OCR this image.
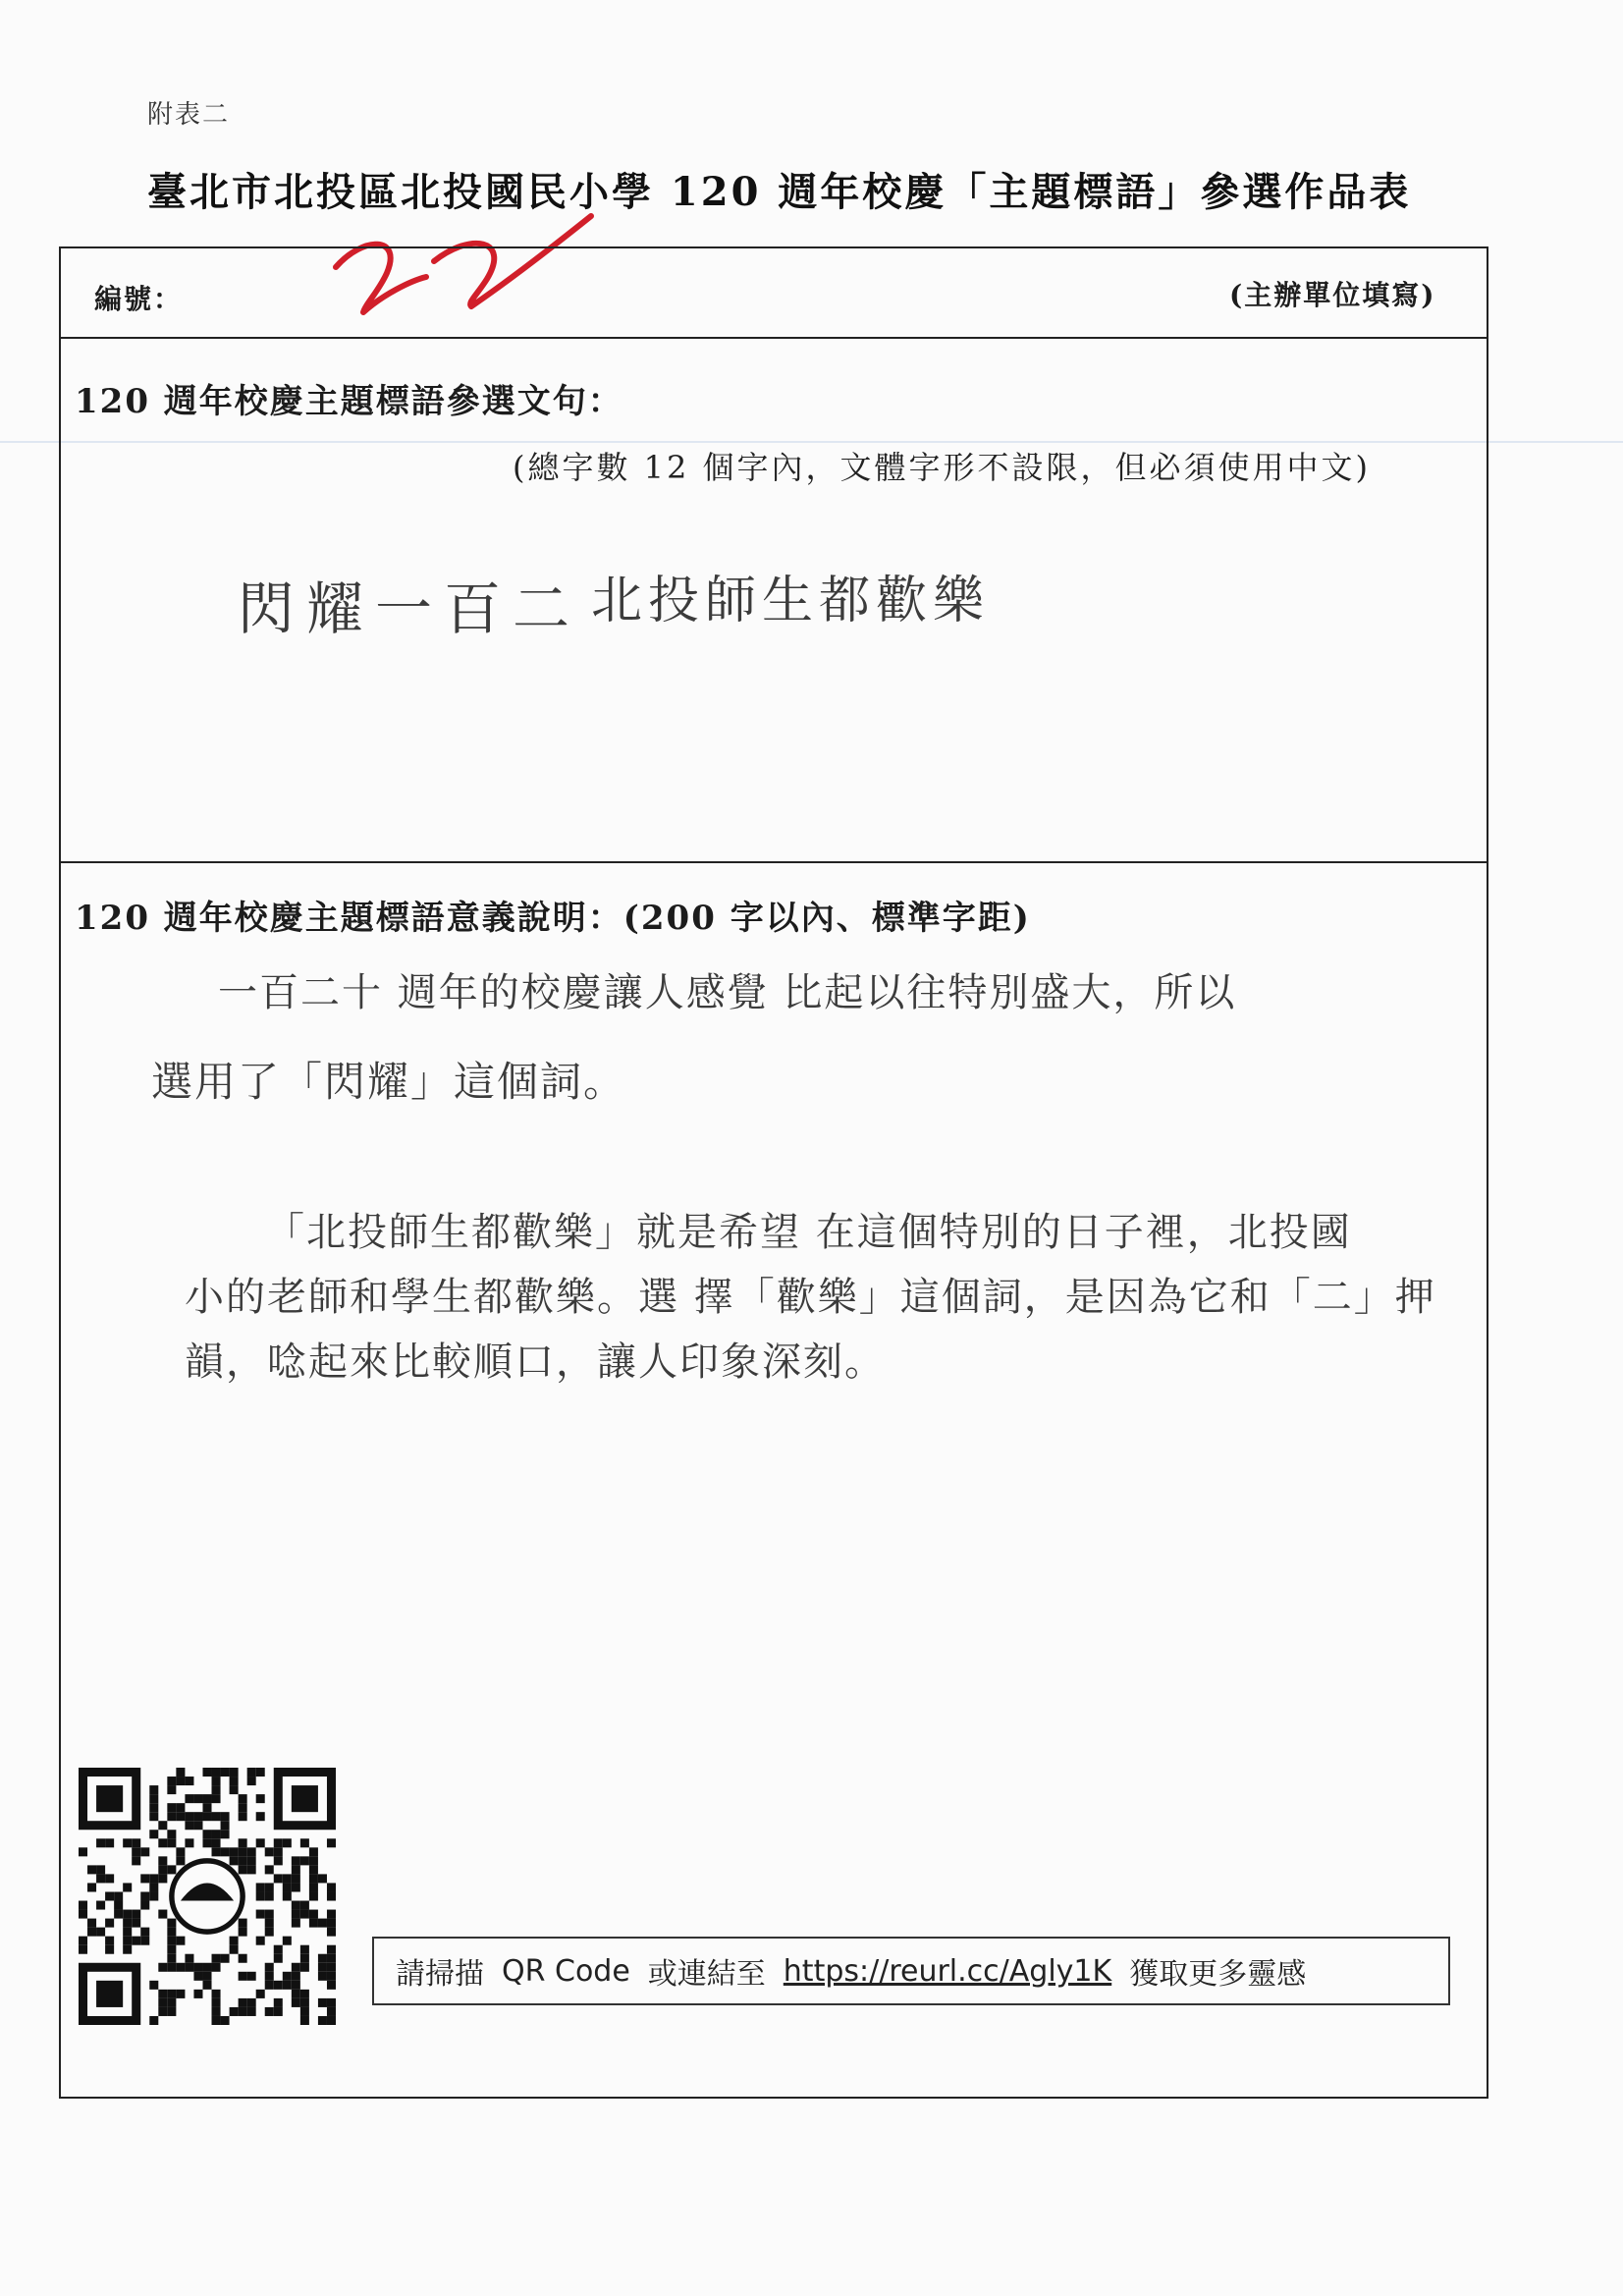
附表二
臺北市北投區北投國民小學 120 週年校慶「主題標語」參選作品表
編號：	(主辦單位填寫)
120 週年校慶主題標語參選文句：
(總字數 12 個字內，文體字形不設限，但必須使用中文)
閃耀一百二 北投師生都歡樂
120 週年校慶主題標語意義說明：(200 字以內、標準字距)
一百二十 週年的校慶讓人感覺 比起以往特別盛大，所以
選用了「閃耀」這個詞。
「北投師生都歡樂」就是希望 在這個特別的日子裡，北投國
小的老師和學生都歡樂。選 擇「歡樂」這個詞，是因為它和「二」押
韻，唸起來比較順口，讓人印象深刻。
請掃描 QR Code 或連結至 https://reurl.cc/Agly1K 獲取更多靈感
